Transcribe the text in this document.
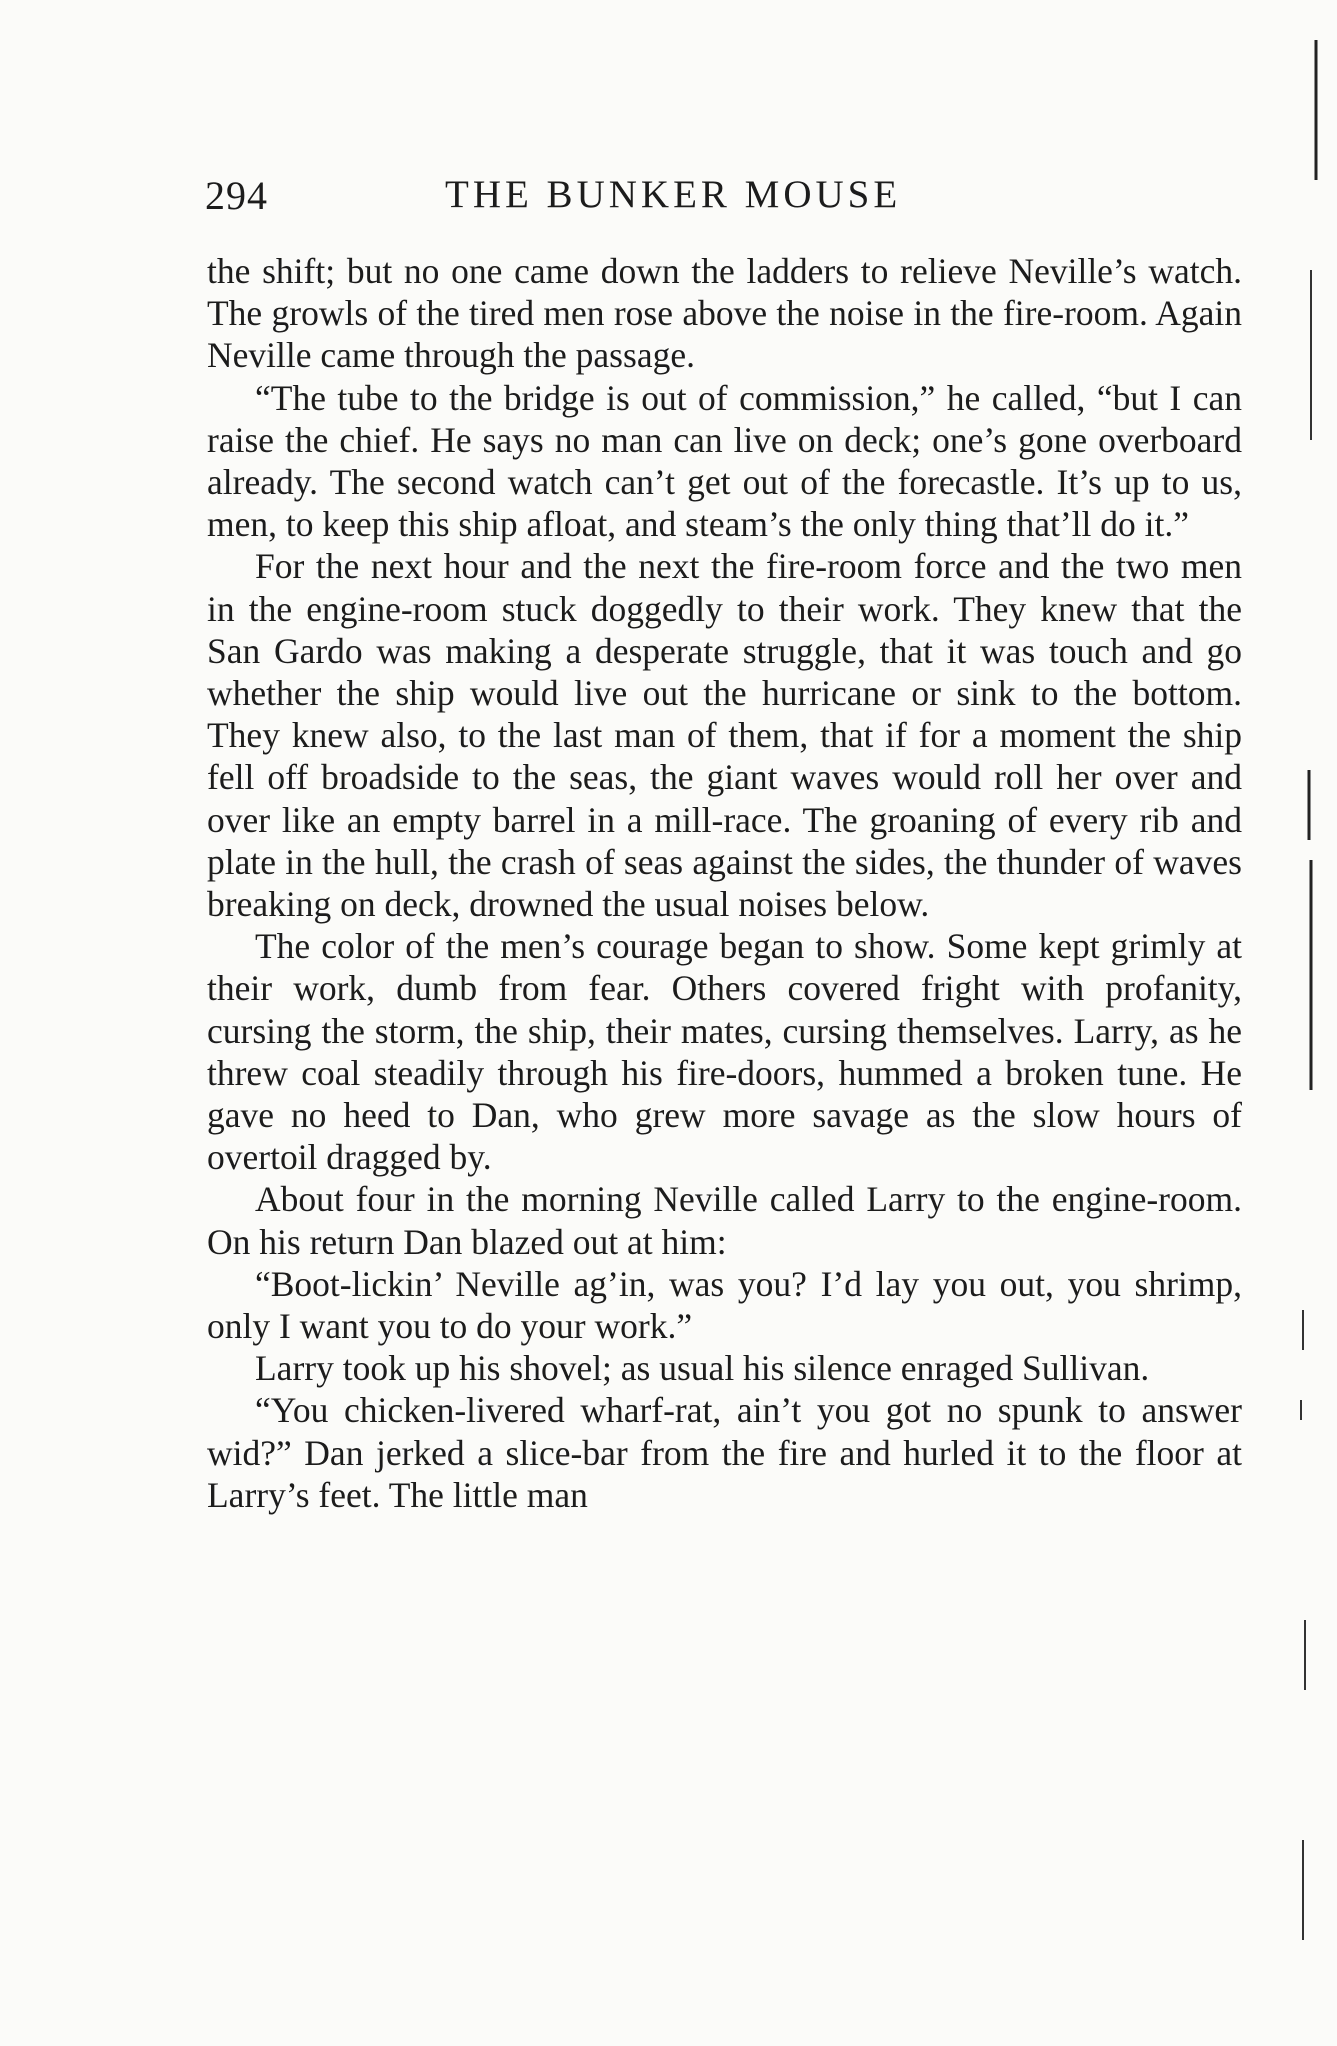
294	THE BUNKER MOUSE

the shift; but no one came down the ladders to relieve Neville’s watch. The growls of the tired men rose above the noise in the fire-room. Again Neville came through the passage.

“The tube to the bridge is out of commission,” he called, “but I can raise the chief. He says no man can live on deck; one’s gone overboard already. The second watch can’t get out of the forecastle. It’s up to us, men, to keep this ship afloat, and steam’s the only thing that’ll do it.”

For the next hour and the next the fire-room force and the two men in the engine-room stuck doggedly to their work. They knew that the San Gardo was making a desperate struggle, that it was touch and go whether the ship would live out the hurricane or sink to the bottom. They knew also, to the last man of them, that if for a moment the ship fell off broadside to the seas, the giant waves would roll her over and over like an empty barrel in a mill-race. The groaning of every rib and plate in the hull, the crash of seas against the sides, the thunder of waves breaking on deck, drowned the usual noises below.

The color of the men’s courage began to show. Some kept grimly at their work, dumb from fear. Others covered fright with profanity, cursing the storm, the ship, their mates, cursing themselves. Larry, as he threw coal steadily through his fire-doors, hummed a broken tune. He gave no heed to Dan, who grew more savage as the slow hours of overtoil dragged by.

About four in the morning Neville called Larry to the engine-room. On his return Dan blazed out at him:

“Boot-lickin’ Neville ag’in, was you? I’d lay you out, you shrimp, only I want you to do your work.”

Larry took up his shovel; as usual his silence enraged Sullivan.

“You chicken-livered wharf-rat, ain’t you got no spunk to answer wid?” Dan jerked a slice-bar from the fire and hurled it to the floor at Larry’s feet. The little man
